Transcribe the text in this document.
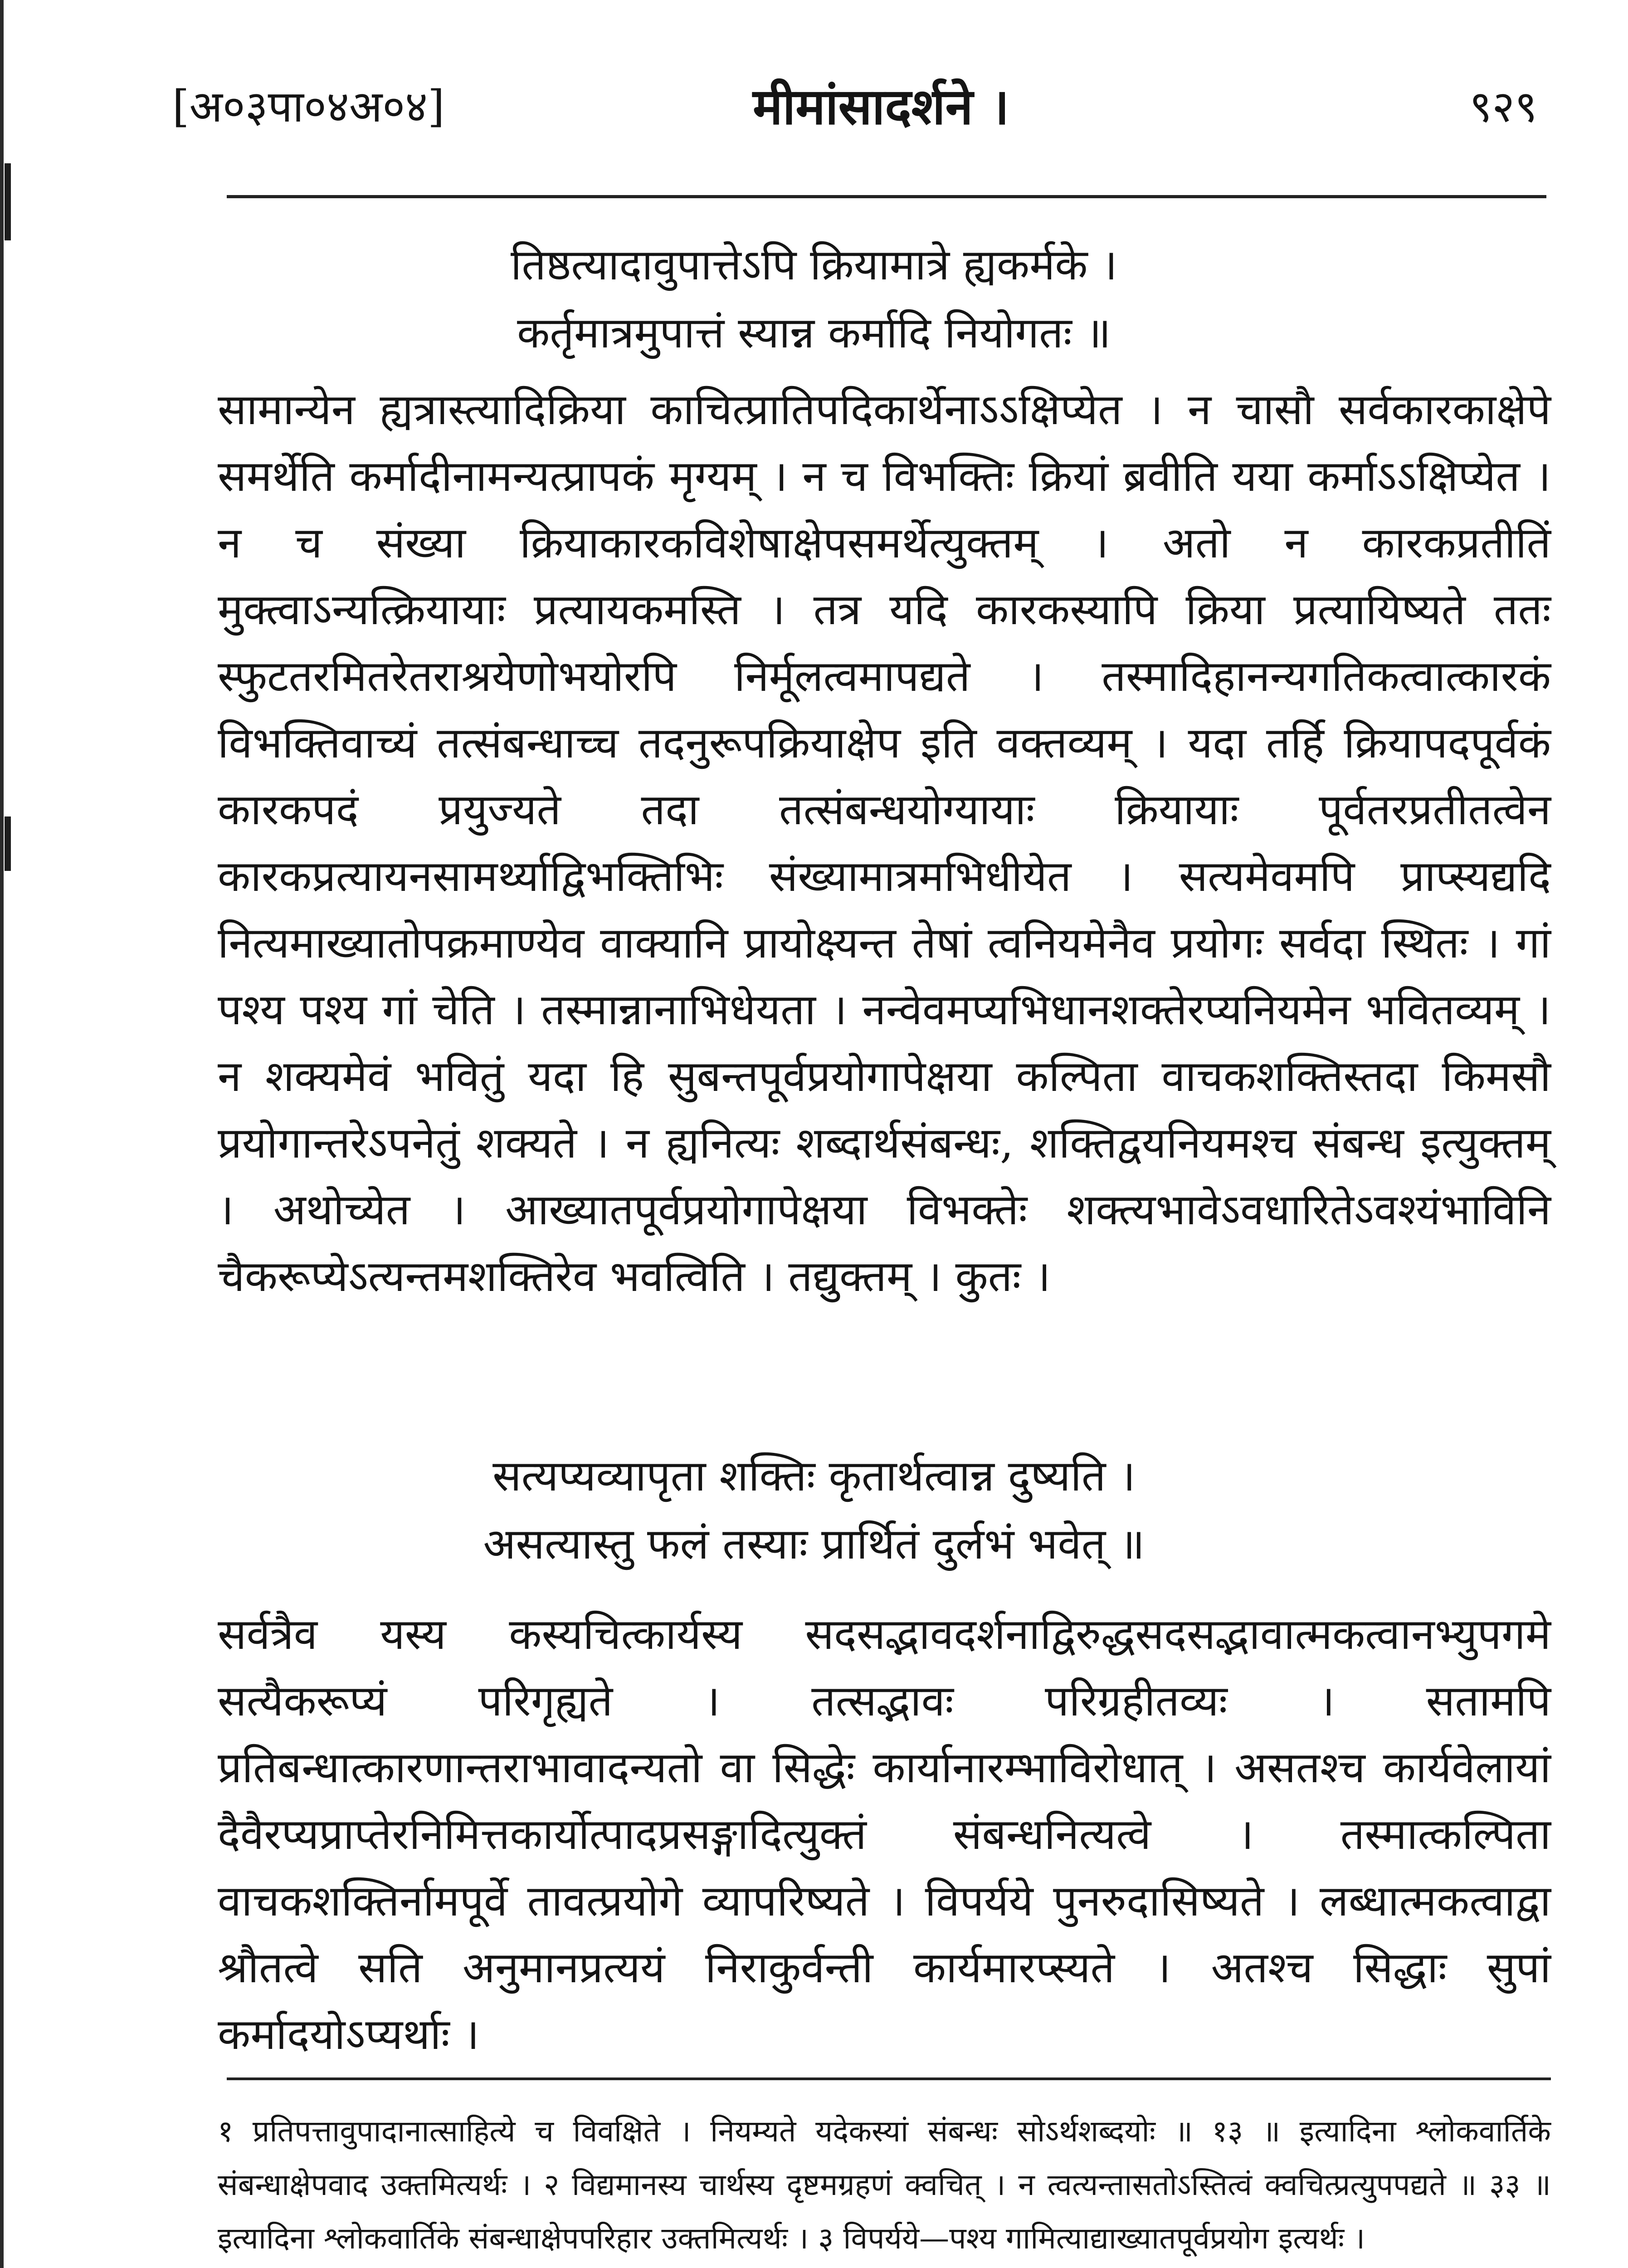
[अ०३पा०४अ०४]	मीमांसादर्शने ।	९२९
तिष्ठत्यादावुपात्तेऽपि क्रियामात्रे ह्यकर्मके ।
कर्तृमात्रमुपात्तं स्यान्न कर्मादि नियोगतः ॥
सामान्येन ह्यत्रास्त्यादिक्रिया काचित्प्रातिपदिकार्थेनाऽऽक्षिप्येत । न चासौ सर्वकारकाक्षेपे समर्थेति कर्मादीनामन्यत्प्रापकं मृग्यम् । न च विभक्तिः क्रियां ब्रवीति यया कर्माऽऽक्षिप्येत । न च संख्या क्रियाकारकविशेषाक्षेपसमर्थेत्युक्तम् । अतो न कारकप्रतीतिं मुक्त्वाऽन्यत्क्रियायाः प्रत्यायकमस्ति । तत्र यदि कारकस्यापि क्रिया प्रत्यायिष्यते ततः स्फुटतरमितरेतराश्रयेणोभयोरपि निर्मूलत्वमापद्यते । तस्मादिहानन्यगतिकत्वात्कारकं विभक्तिवाच्यं तत्संबन्धाच्च तदनुरूपक्रियाक्षेप इति वक्तव्यम् । यदा तर्हि क्रियापदपूर्वकं कारकपदं प्रयुज्यते तदा तत्संबन्धयोग्यायाः क्रियायाः पूर्वतरप्रतीतत्वेन कारकप्रत्यायनसामर्थ्याद्विभक्तिभिः संख्यामात्रमभिधीयेत । सत्यमेवमपि प्राप्स्यद्यदि नित्यमाख्यातोपक्रमाण्येव वाक्यानि प्रायोक्ष्यन्त तेषां त्वनियमेनैव प्रयोगः सर्वदा स्थितः । गां पश्य पश्य गां चेति । तस्मान्नानाभिधेयता । नन्वेवमप्यभिधानशक्तेरप्यनियमेन भवितव्यम् । न शक्यमेवं भवितुं यदा हि सुबन्तपूर्वप्रयोगापेक्षया कल्पिता वाचकशक्तिस्तदा किमसौ प्रयोगान्तरेऽपनेतुं शक्यते । न ह्यनित्यः शब्दार्थसंबन्धः, शक्तिद्वयनियमश्च संबन्ध इत्युक्तम् । अथोच्येत । आख्यातपूर्वप्रयोगापेक्षया विभक्तेः शक्त्यभावेऽवधारितेऽवश्यंभाविनि चैकरूप्येऽत्यन्तमशक्तिरेव भवत्विति । तद्युक्तम् । कुतः ।
सत्यप्यव्यापृता शक्तिः कृतार्थत्वान्न दुष्यति ।
असत्यास्तु फलं तस्याः प्रार्थितं दुर्लभं भवेत् ॥
सर्वत्रैव यस्य कस्यचित्कार्यस्य सदसद्भावदर्शनाद्विरुद्धसदसद्भावात्मकत्वानभ्युपगमे सत्यैकरूप्यं परिगृह्यते । तत्सद्भावः परिग्रहीतव्यः । सतामपि प्रतिबन्धात्कारणान्तराभावादन्यतो वा सिद्धेः कार्यानारम्भाविरोधात् । असतश्च कार्यवेलायां दैवैरप्यप्राप्तेरनिमित्तकार्योत्पादप्रसङ्गादित्युक्तं संबन्धनित्यत्वे । तस्मात्कल्पिता वाचकशक्तिर्नामपूर्वे तावत्प्रयोगे व्यापरिष्यते । विपर्यये पुनरुदासिष्यते । लब्धात्मकत्वाद्वा श्रौतत्वे सति अनुमानप्रत्ययं निराकुर्वन्ती कार्यमारप्स्यते । अतश्च सिद्धाः सुपां कर्मादयोऽप्यर्थाः ।
१ प्रतिपत्तावुपादानात्साहित्ये च विवक्षिते । नियम्यते यदेकस्यां संबन्धः सोऽर्थशब्दयोः ॥ १३ ॥ इत्यादिना श्लोकवार्तिके संबन्धाक्षेपवाद उक्तमित्यर्थः । २ विद्यमानस्य चार्थस्य दृष्टमग्रहणं क्वचित् । न त्वत्यन्तासतोऽस्तित्वं क्वचित्प्रत्युपपद्यते ॥ ३३ ॥ इत्यादिना श्लोकवार्तिके संबन्धाक्षेपपरिहार उक्तमित्यर्थः । ३ विपर्यये—पश्य गामित्याद्याख्यातपूर्वप्रयोग इत्यर्थः ।
